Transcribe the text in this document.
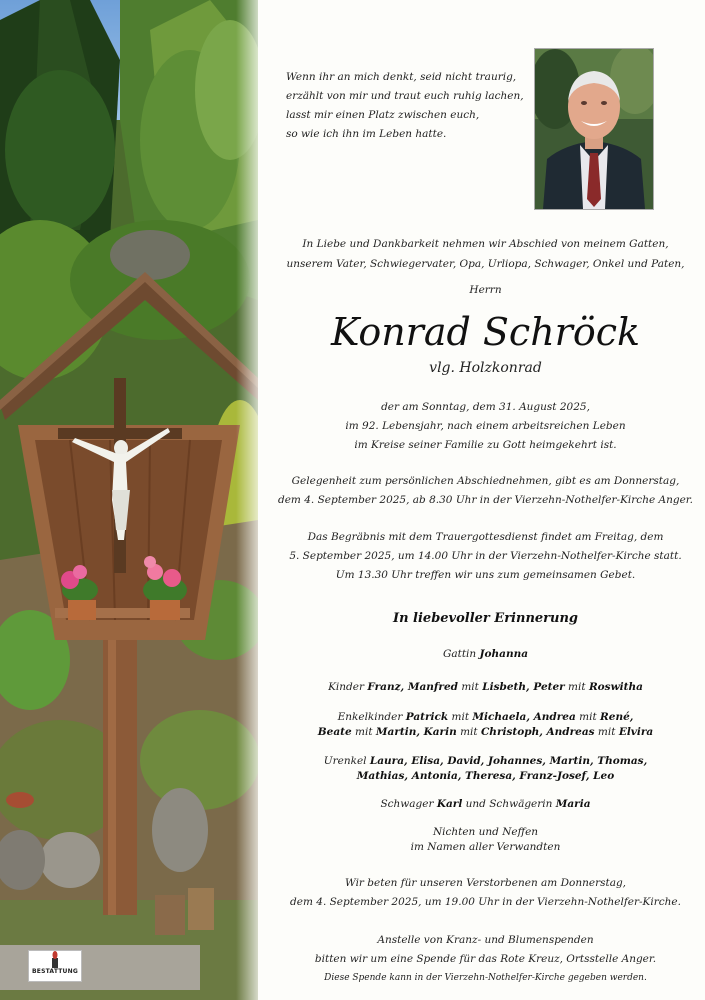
BESTATTUNG
Wenn ihr an mich denkt, seid nicht traurig,
erzählt von mir und traut euch ruhig lachen,
lasst mir einen Platz zwischen euch,
so wie ich ihn im Leben hatte.
In Liebe und Dankbarkeit nehmen wir Abschied von meinem Gatten,
unserem Vater, Schwiegervater, Opa, Urliopa, Schwager, Onkel und Paten,
Herrn
Konrad Schröck
vlg. Holzkonrad
der am Sonntag, dem 31. August 2025,
im 92. Lebensjahr, nach einem arbeitsreichen Leben
im Kreise seiner Familie zu Gott heimgekehrt ist.
Gelegenheit zum persönlichen Abschiednehmen, gibt es am Donnerstag,
dem 4. September 2025, ab 8.30 Uhr in der Vierzehn-Nothelfer-Kirche Anger.
Das Begräbnis mit dem Trauergottesdienst findet am Freitag, dem
5. September 2025, um 14.00 Uhr in der Vierzehn-Nothelfer-Kirche statt.
Um 13.30 Uhr treffen wir uns zum gemeinsamen Gebet.
In liebevoller Erinnerung
Gattin Johanna
Kinder Franz, Manfred mit Lisbeth, Peter mit Roswitha
Enkelkinder Patrick mit Michaela, Andrea mit René,
Beate mit Martin, Karin mit Christoph, Andreas mit Elvira
Urenkel Laura, Elisa, David, Johannes, Martin, Thomas,
Mathias, Antonia, Theresa, Franz-Josef, Leo
Schwager Karl und Schwägerin Maria
Nichten und Neffen
im Namen aller Verwandten
Wir beten für unseren Verstorbenen am Donnerstag,
dem 4. September 2025, um 19.00 Uhr in der Vierzehn-Nothelfer-Kirche.
Anstelle von Kranz- und Blumenspenden
bitten wir um eine Spende für das Rote Kreuz, Ortsstelle Anger.
Diese Spende kann in der Vierzehn-Nothelfer-Kirche gegeben werden.
